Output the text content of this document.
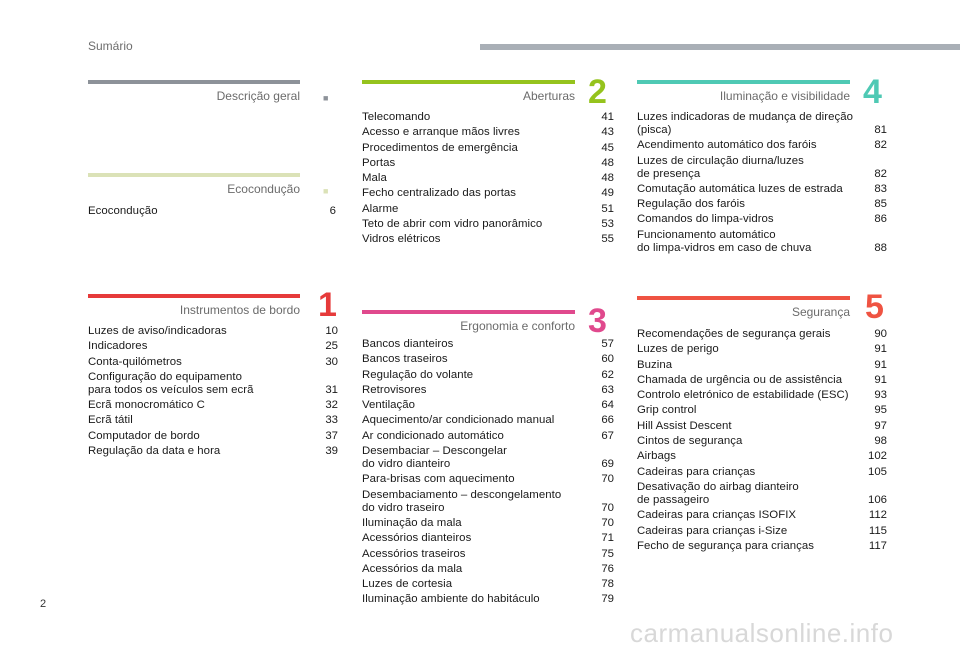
Sumário
Descrição geral	■
Ecocondução	■
Ecocondução	6
Instrumentos de bordo 1
Luzes de aviso/indicadoras	10
Indicadores	25
Conta-quilómetros	30
Configuração do equipamento
para todos os veículos sem ecrã	31
Ecrã monocromático C	32
Ecrã tátil	33
Computador de bordo	37
Regulação da data e hora	39
Aberturas 2
Telecomando	41
Acesso e arranque mãos livres	43
Procedimentos de emergência	45
Portas	48
Mala	48
Fecho centralizado das portas	49
Alarme	51
Teto de abrir com vidro panorâmico	53
Vidros elétricos	55
Ergonomia e conforto 3
Bancos dianteiros	57
Bancos traseiros	60
Regulação do volante	62
Retrovisores	63
Ventilação	64
Aquecimento/ar condicionado manual	66
Ar condicionado automático	67
Desembaciar – Descongelar
do vidro dianteiro	69
Para-brisas com aquecimento	70
Desembaciamento – descongelamento
do vidro traseiro	70
Iluminação da mala	70
Acessórios dianteiros	71
Acessórios traseiros	75
Acessórios da mala	76
Luzes de cortesia	78
Iluminação ambiente do habitáculo	79
Iluminação e visibilidade 4
Luzes indicadoras de mudança de direção
(pisca)	81
Acendimento automático dos faróis	82
Luzes de circulação diurna/luzes
de presença	82
Comutação automática luzes de estrada	83
Regulação dos faróis	85
Comandos do limpa-vidros	86
Funcionamento automático
do limpa-vidros em caso de chuva	88
Segurança 5
Recomendações de segurança gerais	90
Luzes de perigo	91
Buzina	91
Chamada de urgência ou de assistência	91
Controlo eletrónico de estabilidade (ESC)	93
Grip control	95
Hill Assist Descent	97
Cintos de segurança	98
Airbags	102
Cadeiras para crianças	105
Desativação do airbag dianteiro
de passageiro	106
Cadeiras para crianças ISOFIX	112
Cadeiras para crianças i-Size	115
Fecho de segurança para crianças	117
2
carmanualsonline.info
